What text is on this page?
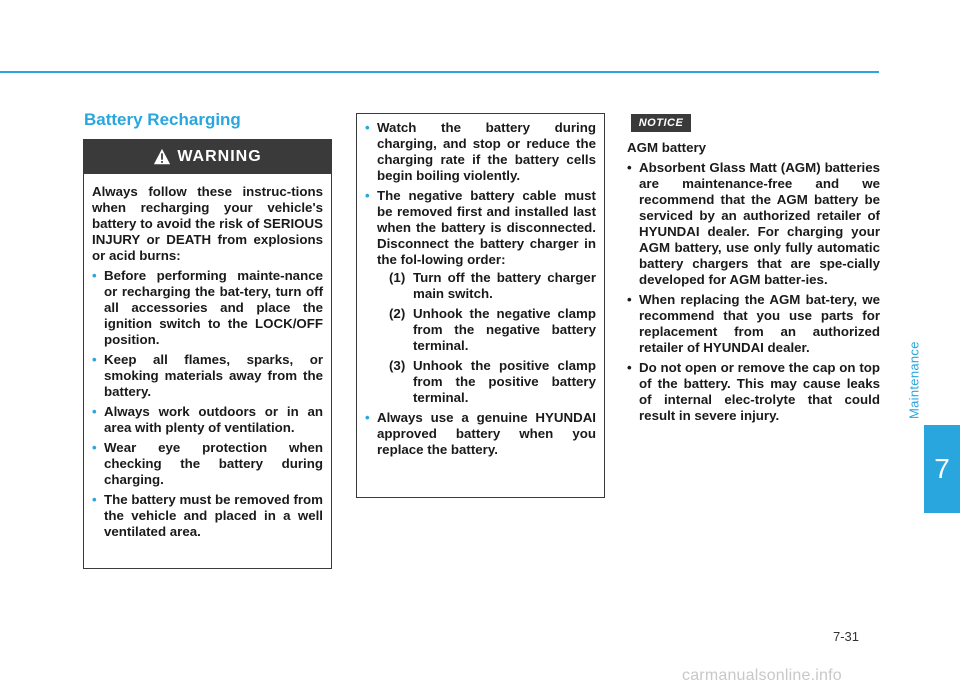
Maintenance
7
Battery Recharging
WARNING

Always follow these instruc-tions when recharging your vehicle's battery to avoid the risk of SERIOUS INJURY or DEATH from explosions or acid burns:

• Before performing mainte-nance or recharging the bat-tery, turn off all accessories and place the ignition switch to the LOCK/OFF position.
• Keep all flames, sparks, or smoking materials away from the battery.
• Always work outdoors or in an area with plenty of ventilation.
• Wear eye protection when checking the battery during charging.
• The battery must be removed from the vehicle and placed in a well ventilated area.
• Watch the battery during charging, and stop or reduce the charging rate if the battery cells begin boiling violently.
• The negative battery cable must be removed first and installed last when the battery is disconnected. Disconnect the battery charger in the fol-lowing order:
(1) Turn off the battery charger main switch.
(2) Unhook the negative clamp from the negative battery terminal.
(3) Unhook the positive clamp from the positive battery terminal.
• Always use a genuine HYUNDAI approved battery when you replace the battery.
NOTICE

AGM battery

• Absorbent Glass Matt (AGM) batteries are maintenance-free and we recommend that the AGM battery be serviced by an authorized retailer of HYUNDAI dealer. For charging your AGM battery, use only fully automatic battery chargers that are spe-cially developed for AGM batter-ies.
• When replacing the AGM bat-tery, we recommend that you use parts for replacement from an authorized retailer of HYUNDAI dealer.
• Do not open or remove the cap on top of the battery. This may cause leaks of internal elec-trolyte that could result in severe injury.
7-31
carmanualsonline.info
